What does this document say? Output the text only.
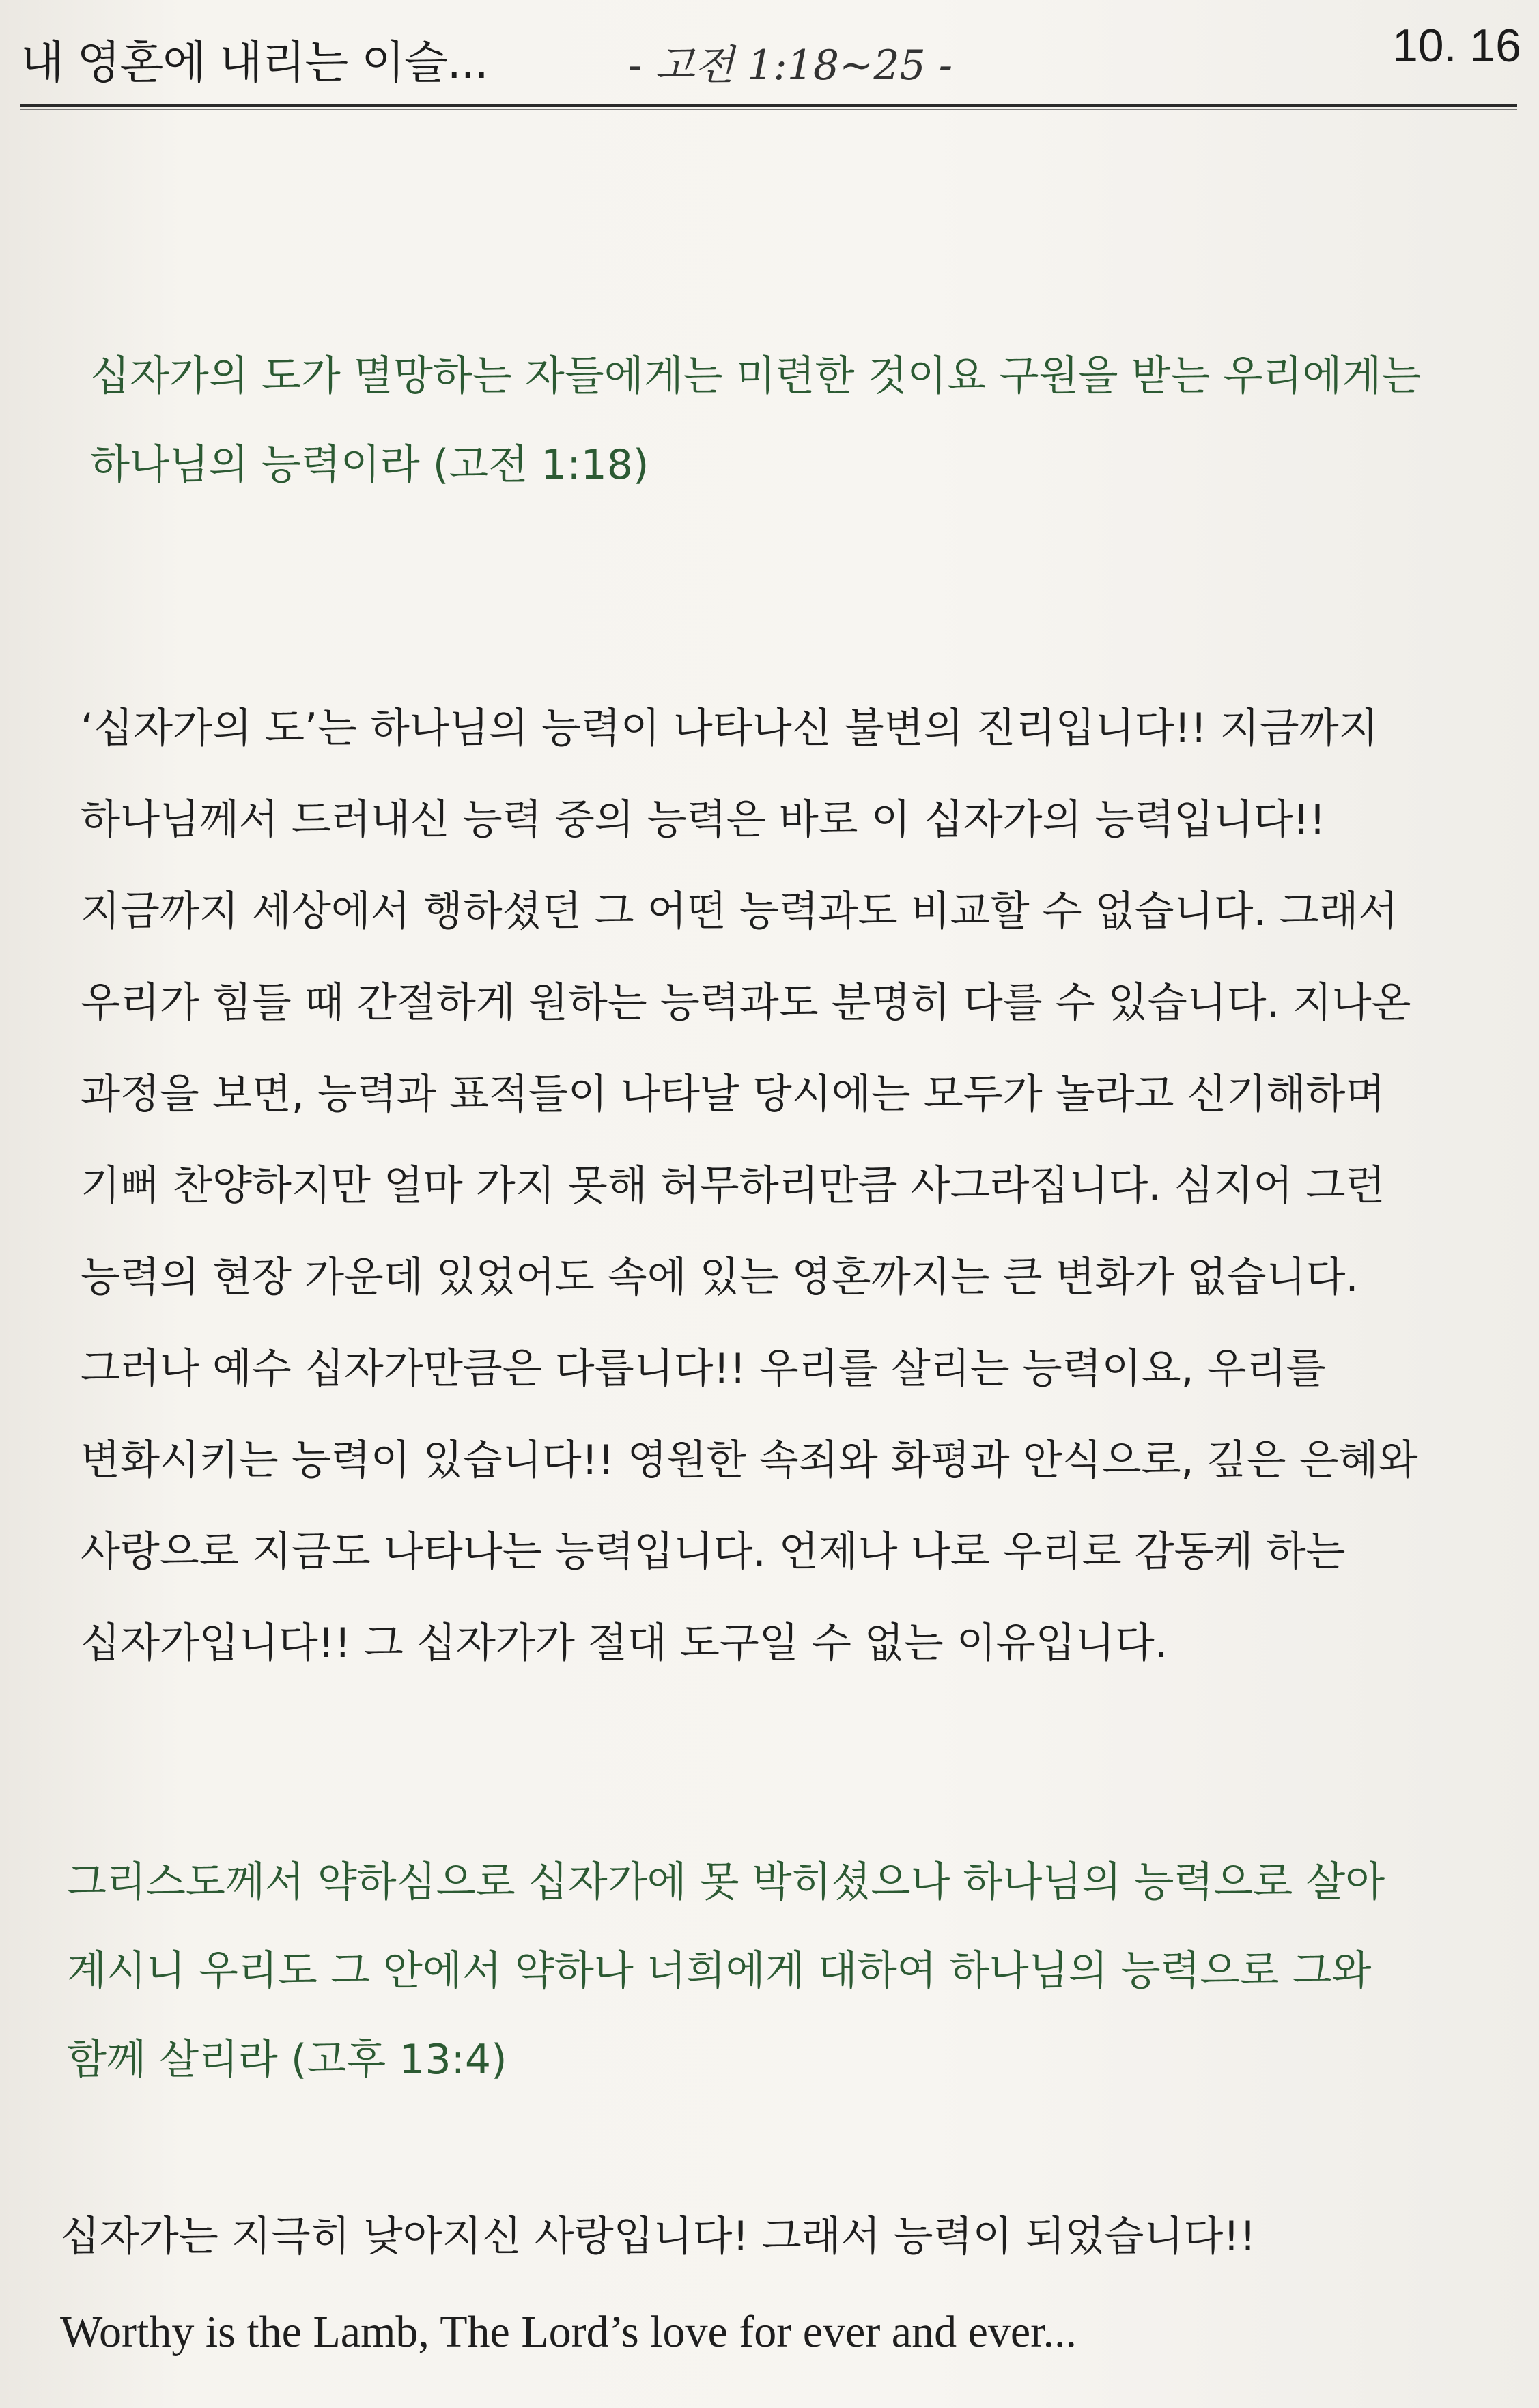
내 영혼에 내리는 이슬...	- 고전 1:18~25 -	10. 16
십자가의 도가 멸망하는 자들에게는 미련한 것이요 구원을 받는 우리에게는
하나님의 능력이라 (고전 1:18)
‘십자가의 도’는 하나님의 능력이 나타나신 불변의 진리입니다!! 지금까지
하나님께서 드러내신 능력 중의 능력은 바로 이 십자가의 능력입니다!!
지금까지 세상에서 행하셨던 그 어떤 능력과도 비교할 수 없습니다. 그래서
우리가 힘들 때 간절하게 원하는 능력과도 분명히 다를 수 있습니다. 지나온
과정을 보면, 능력과 표적들이 나타날 당시에는 모두가 놀라고 신기해하며
기뻐 찬양하지만 얼마 가지 못해 허무하리만큼 사그라집니다. 심지어 그런
능력의 현장 가운데 있었어도 속에 있는 영혼까지는 큰 변화가 없습니다.
그러나 예수 십자가만큼은 다릅니다!! 우리를 살리는 능력이요, 우리를
변화시키는 능력이 있습니다!! 영원한 속죄와 화평과 안식으로, 깊은 은혜와
사랑으로 지금도 나타나는 능력입니다. 언제나 나로 우리로 감동케 하는
십자가입니다!! 그 십자가가 절대 도구일 수 없는 이유입니다.
그리스도께서 약하심으로 십자가에 못 박히셨으나 하나님의 능력으로 살아
계시니 우리도 그 안에서 약하나 너희에게 대하여 하나님의 능력으로 그와
함께 살리라 (고후 13:4)
십자가는 지극히 낮아지신 사랑입니다! 그래서 능력이 되었습니다!!
Worthy is the Lamb, The Lord’s love for ever and ever...
